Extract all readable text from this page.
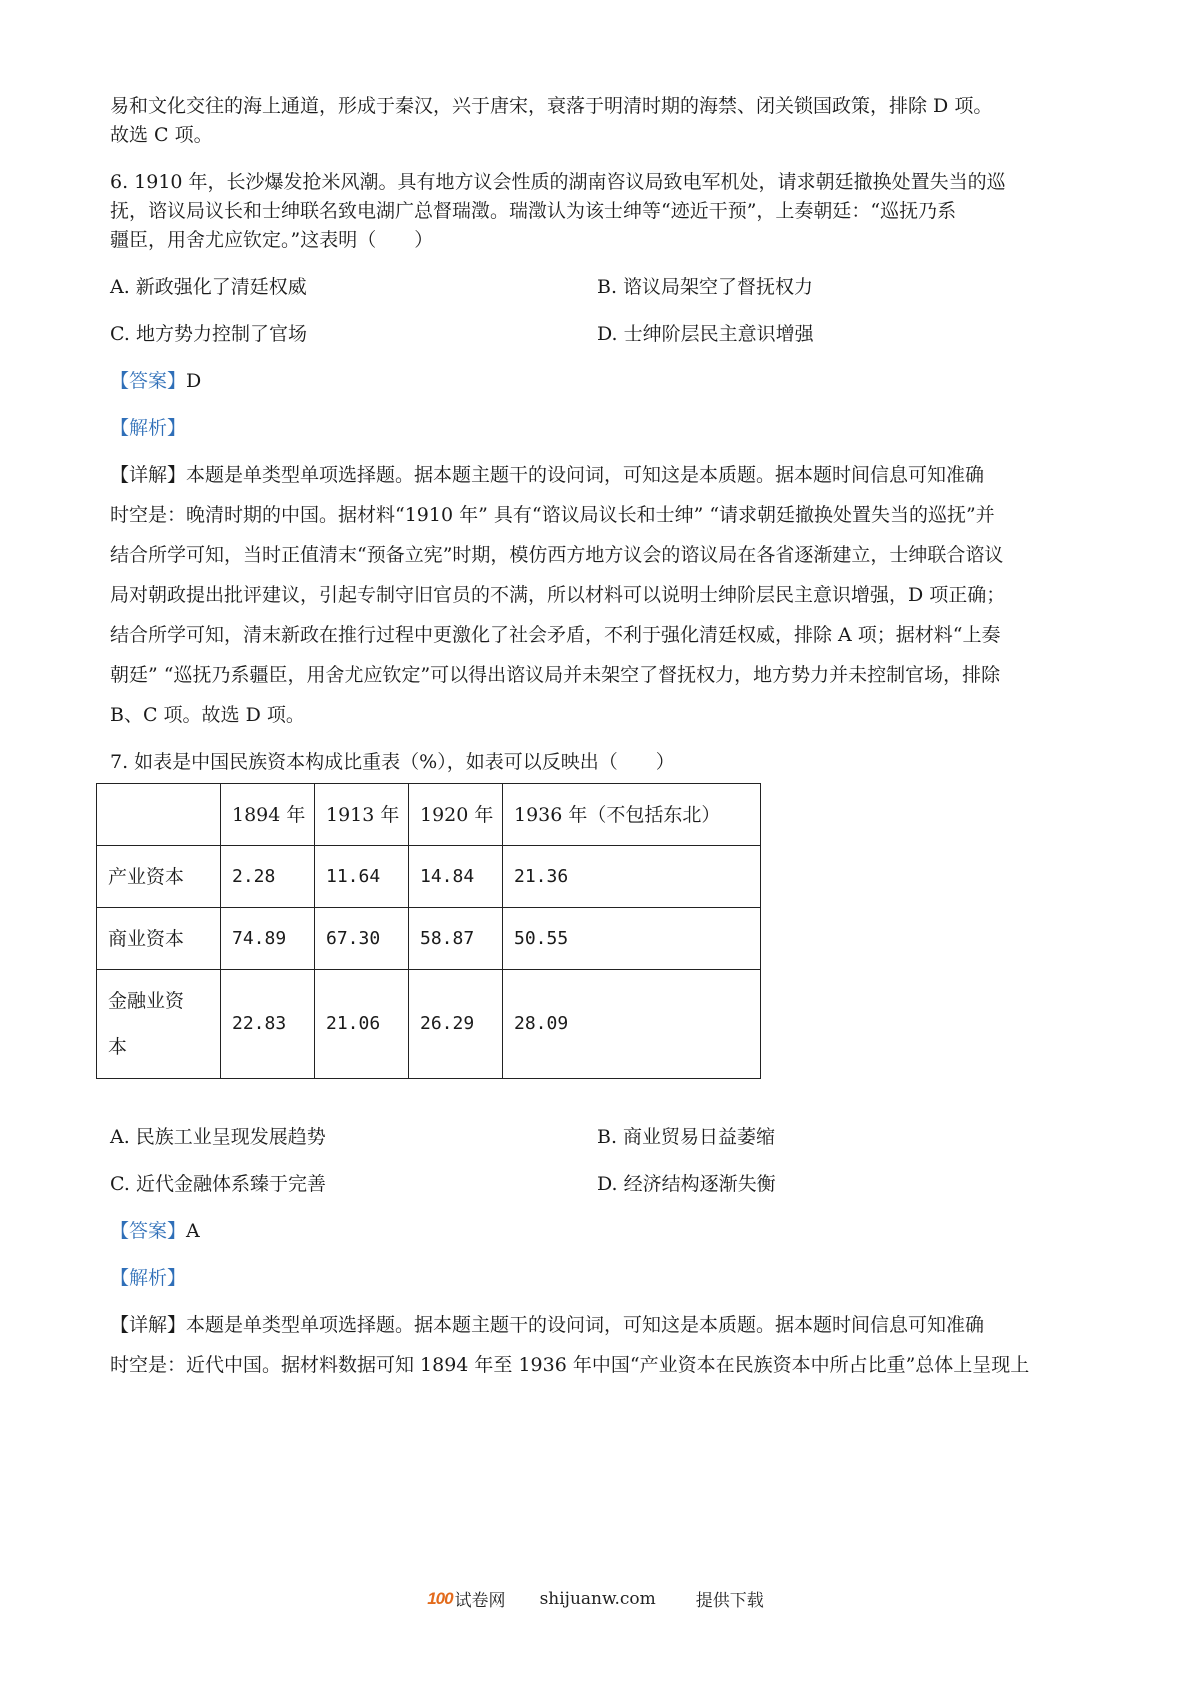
易和文化交往的海上通道，形成于秦汉，兴于唐宋，衰落于明清时期的海禁、闭关锁国政策，排除 D 项。

故选 C 项。

6. 1910 年，长沙爆发抢米风潮。具有地方议会性质的湖南咨议局致电军机处，请求朝廷撤换处置失当的巡

抚，谘议局议长和士绅联名致电湖广总督瑞澂。瑞澂认为该士绅等“迹近干预”，上奏朝廷：“巡抚乃系

疆臣，用舍尤应钦定。”这表明（　　）

A. 新政强化了清廷权威	B. 谘议局架空了督抚权力
C. 地方势力控制了官场	D. 士绅阶层民主意识增强

【答案】D

【解析】

【详解】本题是单类型单项选择题。据本题主题干的设问词，可知这是本质题。据本题时间信息可知准确

时空是：晚清时期的中国。据材料“1910 年” 具有“谘议局议长和士绅” “请求朝廷撤换处置失当的巡抚”并

结合所学可知，当时正值清末“预备立宪”时期，模仿西方地方议会的谘议局在各省逐渐建立，士绅联合谘议

局对朝政提出批评建议，引起专制守旧官员的不满，所以材料可以说明士绅阶层民主意识增强，D 项正确；

结合所学可知，清末新政在推行过程中更激化了社会矛盾，不利于强化清廷权威，排除 A 项；据材料“上奏

朝廷” “巡抚乃系疆臣，用舍尤应钦定”可以得出谘议局并未架空了督抚权力，地方势力并未控制官场，排除

B、C 项。故选 D 项。

7. 如表是中国民族资本构成比重表（%），如表可以反映出（　　）

	1894 年	1913 年	1920 年	1936 年（不包括东北）
产业资本	2.28	11.64	14.84	21.36
商业资本	74.89	67.30	58.87	50.55

金融业资
本	22.83	21.06	26.29	28.09
A. 民族工业呈现发展趋势	B. 商业贸易日益萎缩
C. 近代金融体系臻于完善	D. 经济结构逐渐失衡

【答案】A

【解析】

【详解】本题是单类型单项选择题。据本题主题干的设问词，可知这是本质题。据本题时间信息可知准确

时空是：近代中国。据材料数据可知 1894 年至 1936 年中国“产业资本在民族资本中所占比重”总体上呈现上

100 试卷网 shijuanw.com 提供下载
